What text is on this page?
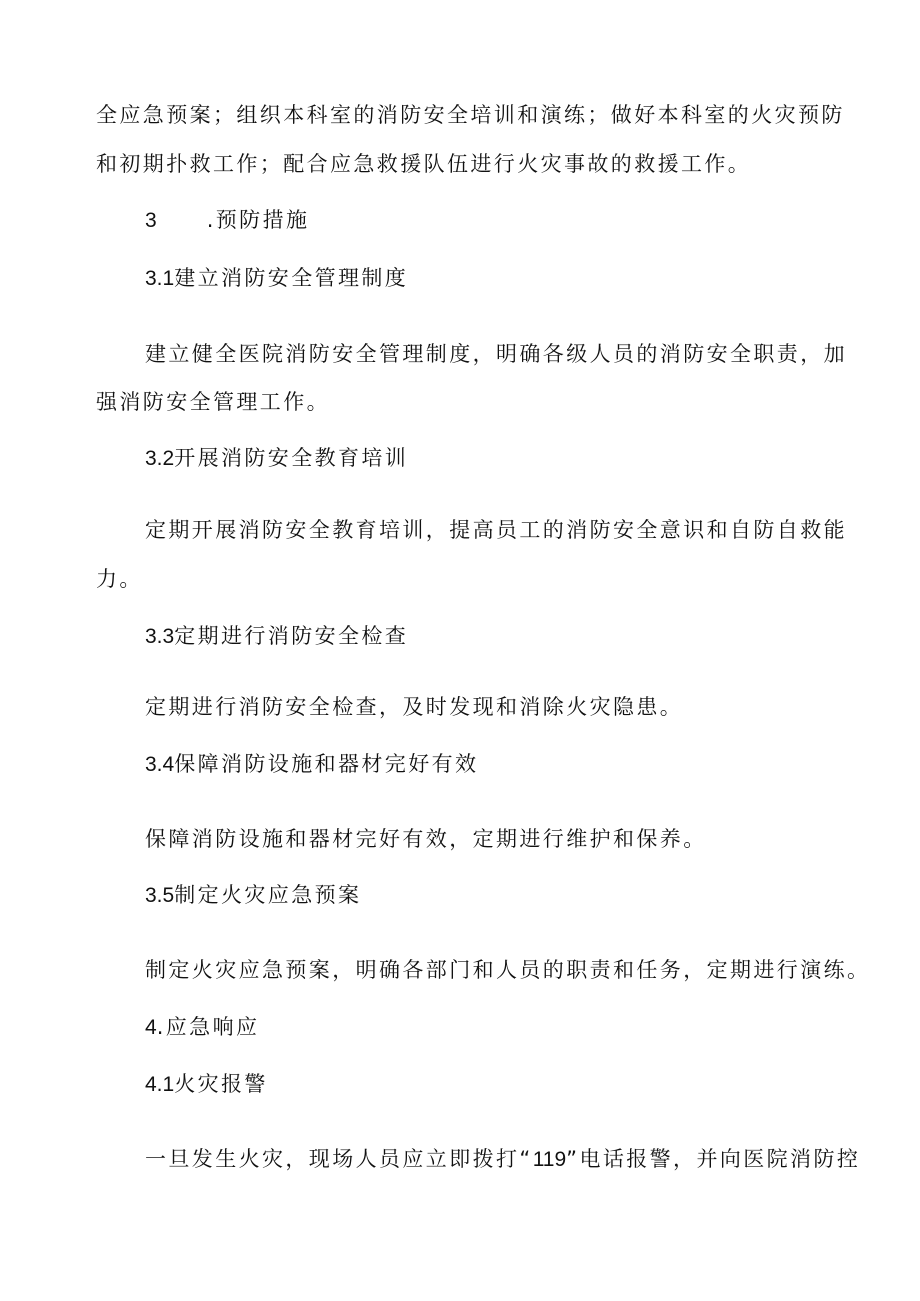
全应急预案；组织本科室的消防安全培训和演练；做好本科室的火灾预防
和初期扑救工作；配合应急救援队伍进行火灾事故的救援工作。
3 .预防措施
3.1建立消防安全管理制度
建立健全医院消防安全管理制度，明确各级人员的消防安全职责，加
强消防安全管理工作。
3.2开展消防安全教育培训
定期开展消防安全教育培训，提高员工的消防安全意识和自防自救能
力。
3.3定期进行消防安全检查
定期进行消防安全检查，及时发现和消除火灾隐患。
3.4保障消防设施和器材完好有效
保障消防设施和器材完好有效，定期进行维护和保养。
3.5制定火灾应急预案
制定火灾应急预案，明确各部门和人员的职责和任务，定期进行演练。
4.应急响应
4.1火灾报警
一旦发生火灾，现场人员应立即拨打“119”电话报警，并向医院消防控
